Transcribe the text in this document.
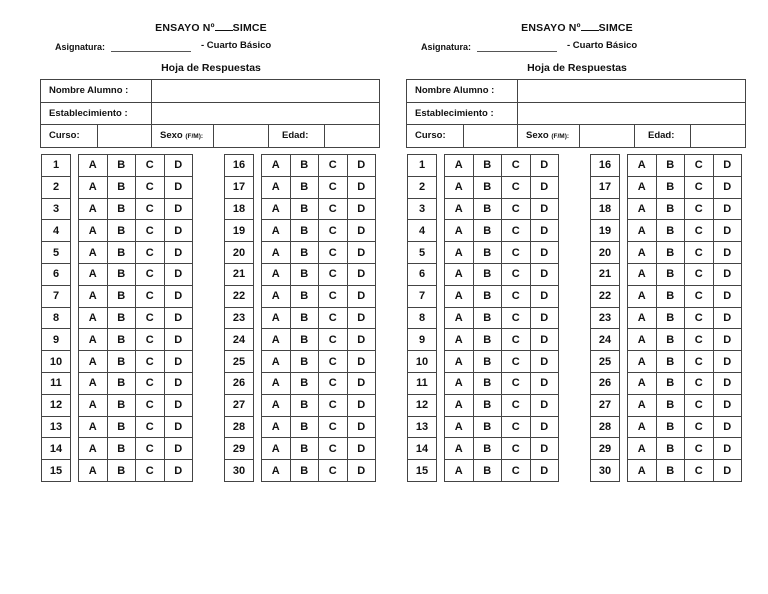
ENSAYO Nº SIMCE
Asignatura:	- Cuarto Básico
Hoja de Respuestas
Nombre Alumno :
Establecimiento :
Curso:	Sexo (F/M):	Edad:
1		A	B	C	D
2		A	B	C	D
3		A	B	C	D
4		A	B	C	D
5		A	B	C	D
6		A	B	C	D
7		A	B	C	D
8		A	B	C	D
9		A	B	C	D
10		A	B	C	D
11		A	B	C	D
12		A	B	C	D
13		A	B	C	D
14		A	B	C	D
15		A	B	C	D
16		A	B	C	D
17		A	B	C	D
18		A	B	C	D
19		A	B	C	D
20		A	B	C	D
21		A	B	C	D
22		A	B	C	D
23		A	B	C	D
24		A	B	C	D
25		A	B	C	D
26		A	B	C	D
27		A	B	C	D
28		A	B	C	D
29		A	B	C	D
30		A	B	C	D
ENSAYO Nº SIMCE
Asignatura:	- Cuarto Básico
Hoja de Respuestas
Nombre Alumno :
Establecimiento :
Curso:	Sexo (F/M):	Edad:
1		A	B	C	D
2		A	B	C	D
3		A	B	C	D
4		A	B	C	D
5		A	B	C	D
6		A	B	C	D
7		A	B	C	D
8		A	B	C	D
9		A	B	C	D
10		A	B	C	D
11		A	B	C	D
12		A	B	C	D
13		A	B	C	D
14		A	B	C	D
15		A	B	C	D
16		A	B	C	D
17		A	B	C	D
18		A	B	C	D
19		A	B	C	D
20		A	B	C	D
21		A	B	C	D
22		A	B	C	D
23		A	B	C	D
24		A	B	C	D
25		A	B	C	D
26		A	B	C	D
27		A	B	C	D
28		A	B	C	D
29		A	B	C	D
30		A	B	C	D
